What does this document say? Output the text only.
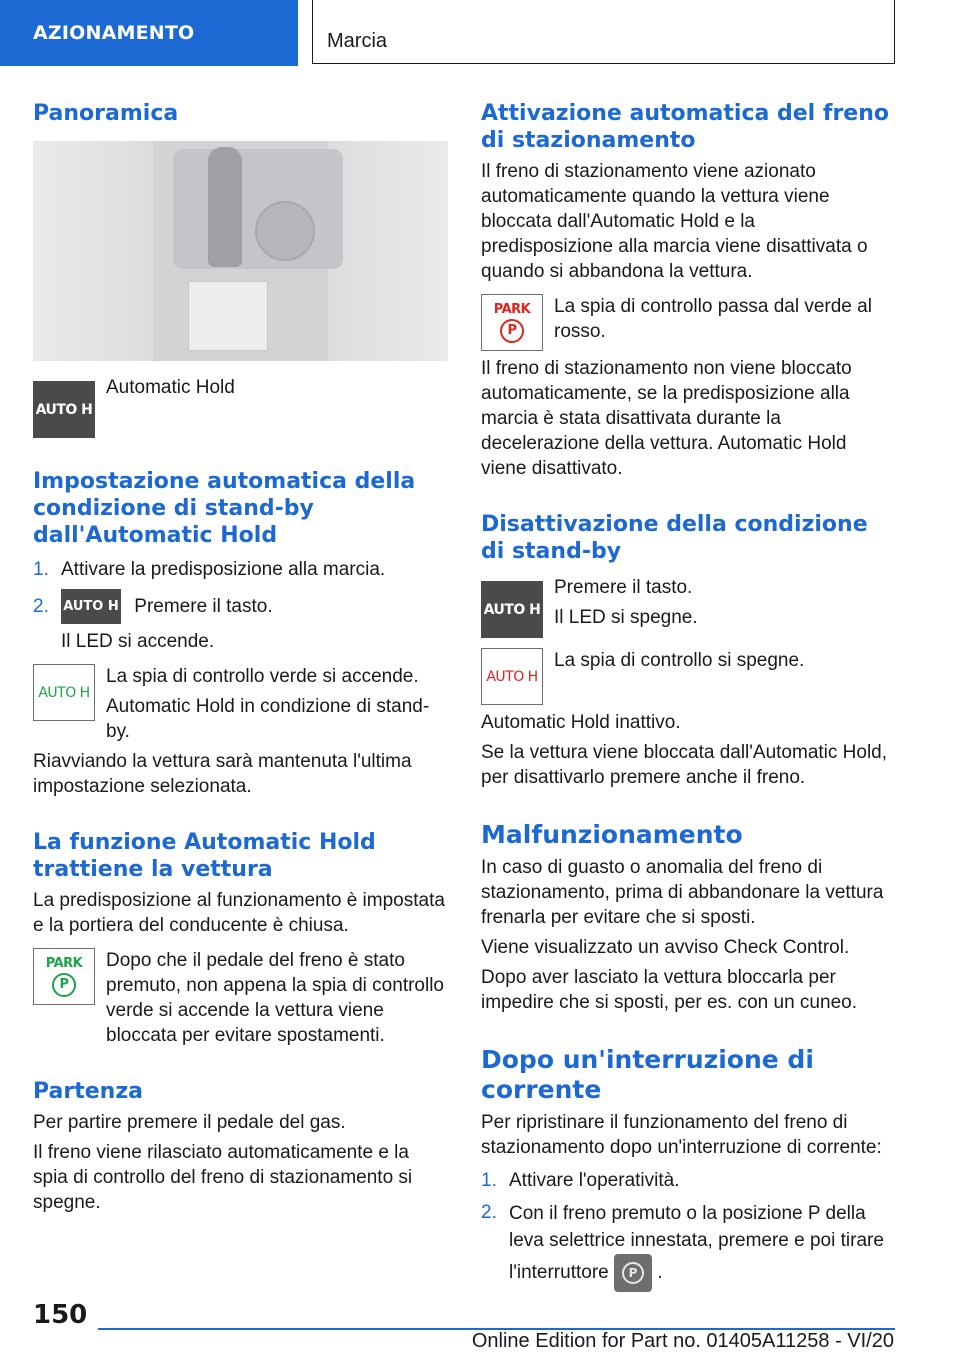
AZIONAMENTO	Marcia
Panoramica
AUTO H

Automatic Hold

Impostazione automatica della condizione di stand-by dall'Automatic Hold
1. Attivare la predisposizione alla marcia.
2.	AUTO H Premere il tasto.

Il LED si accende.

AUTO H

La spia di controllo verde si accende.

Automatic Hold in condizione di stand-by.

Riavviando la vettura sarà mantenuta l'ultima impostazione selezionata.

La funzione Automatic Hold trattiene la vettura

La predisposizione al funzionamento è impostata e la portiera del conducente è chiusa.

PARK
P

Dopo che il pedale del freno è stato premuto, non appena la spia di controllo verde si accende la vettura viene bloccata per evitare spostamenti.

Partenza

Per partire premere il pedale del gas.

Il freno viene rilasciato automaticamente e la spia di controllo del freno di stazionamento si spegne.

Attivazione automatica del freno di stazionamento

Il freno di stazionamento viene azionato automaticamente quando la vettura viene bloccata dall'Automatic Hold e la predisposizione alla marcia viene disattivata o quando si abbandona la vettura.

PARK
P

La spia di controllo passa dal verde al rosso.

Il freno di stazionamento non viene bloccato automaticamente, se la predisposizione alla marcia è stata disattivata durante la decelerazione della vettura. Automatic Hold viene disattivato.

Disattivazione della condizione di stand-by
AUTO H

Premere il tasto.

Il LED si spegne.

AUTO H

La spia di controllo si spegne.

Automatic Hold inattivo.

Se la vettura viene bloccata dall'Automatic Hold, per disattivarlo premere anche il freno.

Malfunzionamento

In caso di guasto o anomalia del freno di stazionamento, prima di abbandonare la vettura frenarla per evitare che si sposti.

Viene visualizzato un avviso Check Control.

Dopo aver lasciato la vettura bloccarla per impedire che si sposti, per es. con un cuneo.

Dopo un'interruzione di corrente

Per ripristinare il funzionamento del freno di stazionamento dopo un'interruzione di corrente:

1. Attivare l'operatività.
2. Con il freno premuto o la posizione P della leva selettrice innestata, premere e poi tirare l'interruttore	P	.
150
Online Edition for Part no. 01405A11258 - VI/20
